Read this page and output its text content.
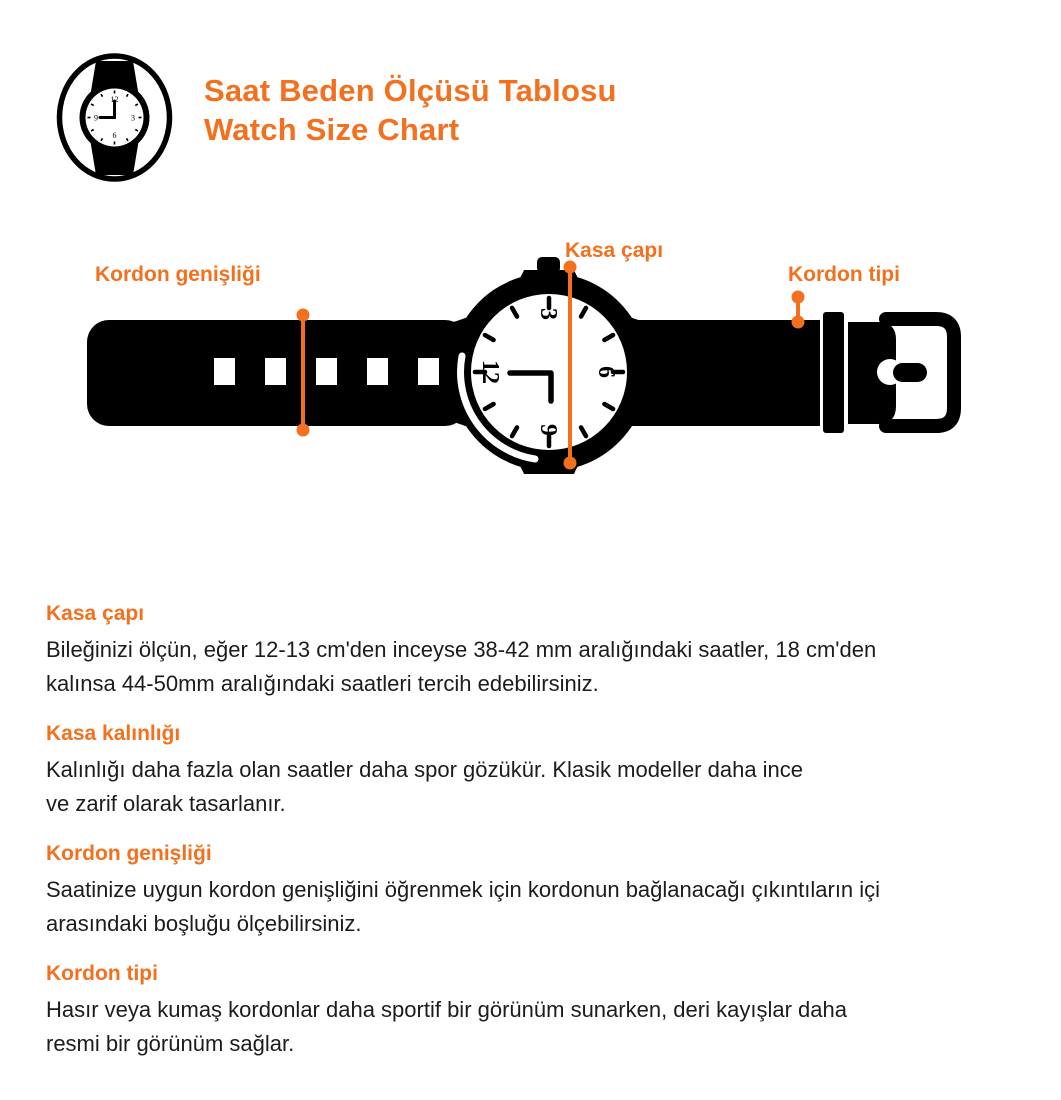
12
3
6
9
Saat Beden Ölçüsü Tablosu
Watch Size Chart
12
3
6
9
Kordon genişliği
Kasa çapı
Kordon tipi
Kasa çapı

Bileğinizi ölçün, eğer 12-13 cm'den inceyse 38-42 mm aralığındaki saatler, 18 cm'den
kalınsa 44-50mm aralığındaki saatleri tercih edebilirsiniz.

Kasa kalınlığı

Kalınlığı daha fazla olan saatler daha spor gözükür. Klasik modeller daha ince
ve zarif olarak tasarlanır.

Kordon genişliği

Saatinize uygun kordon genişliğini öğrenmek için kordonun bağlanacağı çıkıntıların içi
arasındaki boşluğu ölçebilirsiniz.

Kordon tipi

Hasır veya kumaş kordonlar daha sportif bir görünüm sunarken, deri kayışlar daha
resmi bir görünüm sağlar.
